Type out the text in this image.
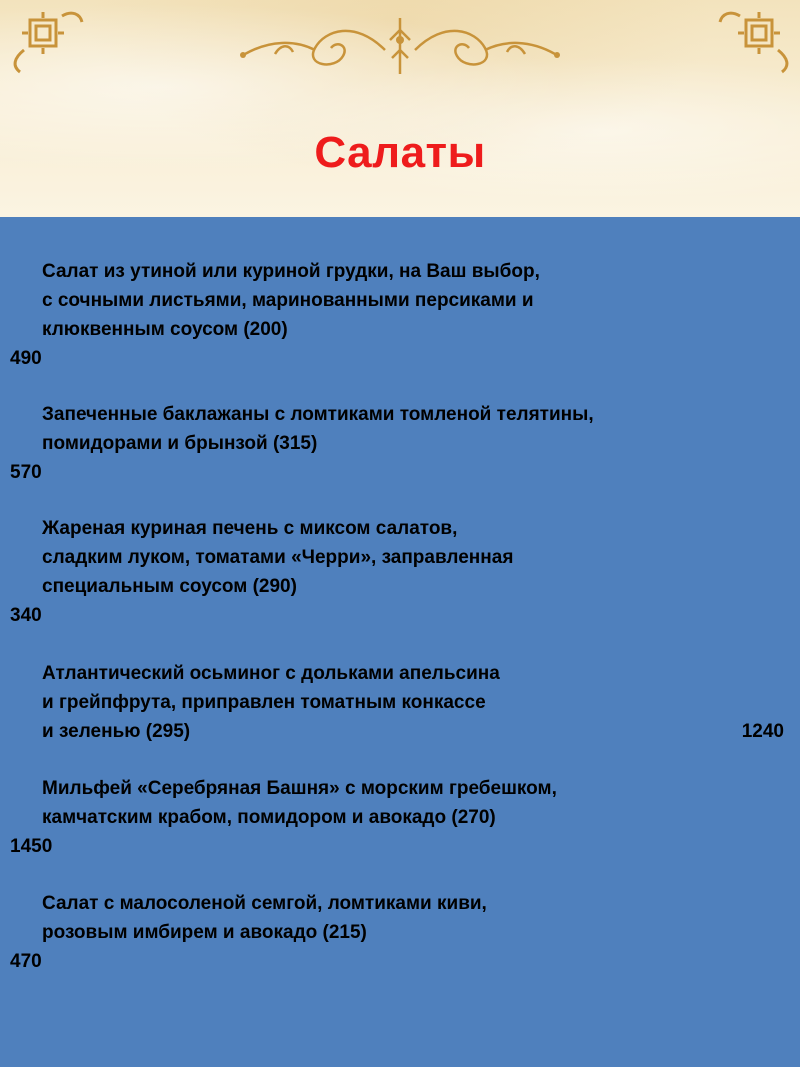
Салаты
Салат из утиной или куриной грудки, на Ваш выбор,
с сочными листьями, маринованными персиками и
клюквенным соусом (200)
490
Запеченные баклажаны с ломтиками томленой телятины,
помидорами и брынзой (315)
570
Жареная куриная печень с миксом салатов,
сладким луком, томатами «Черри», заправленная
специальным соусом (290)
340
Атлантический осьминог с дольками апельсина
и грейпфрута, приправлен томатным конкассе
и зеленью (295)	1240
Мильфей «Серебряная Башня» с морским гребешком,
камчатским крабом, помидором и авокадо (270)
1450
Салат с малосоленой семгой, ломтиками киви,
розовым имбирем и авокадо (215)
470
